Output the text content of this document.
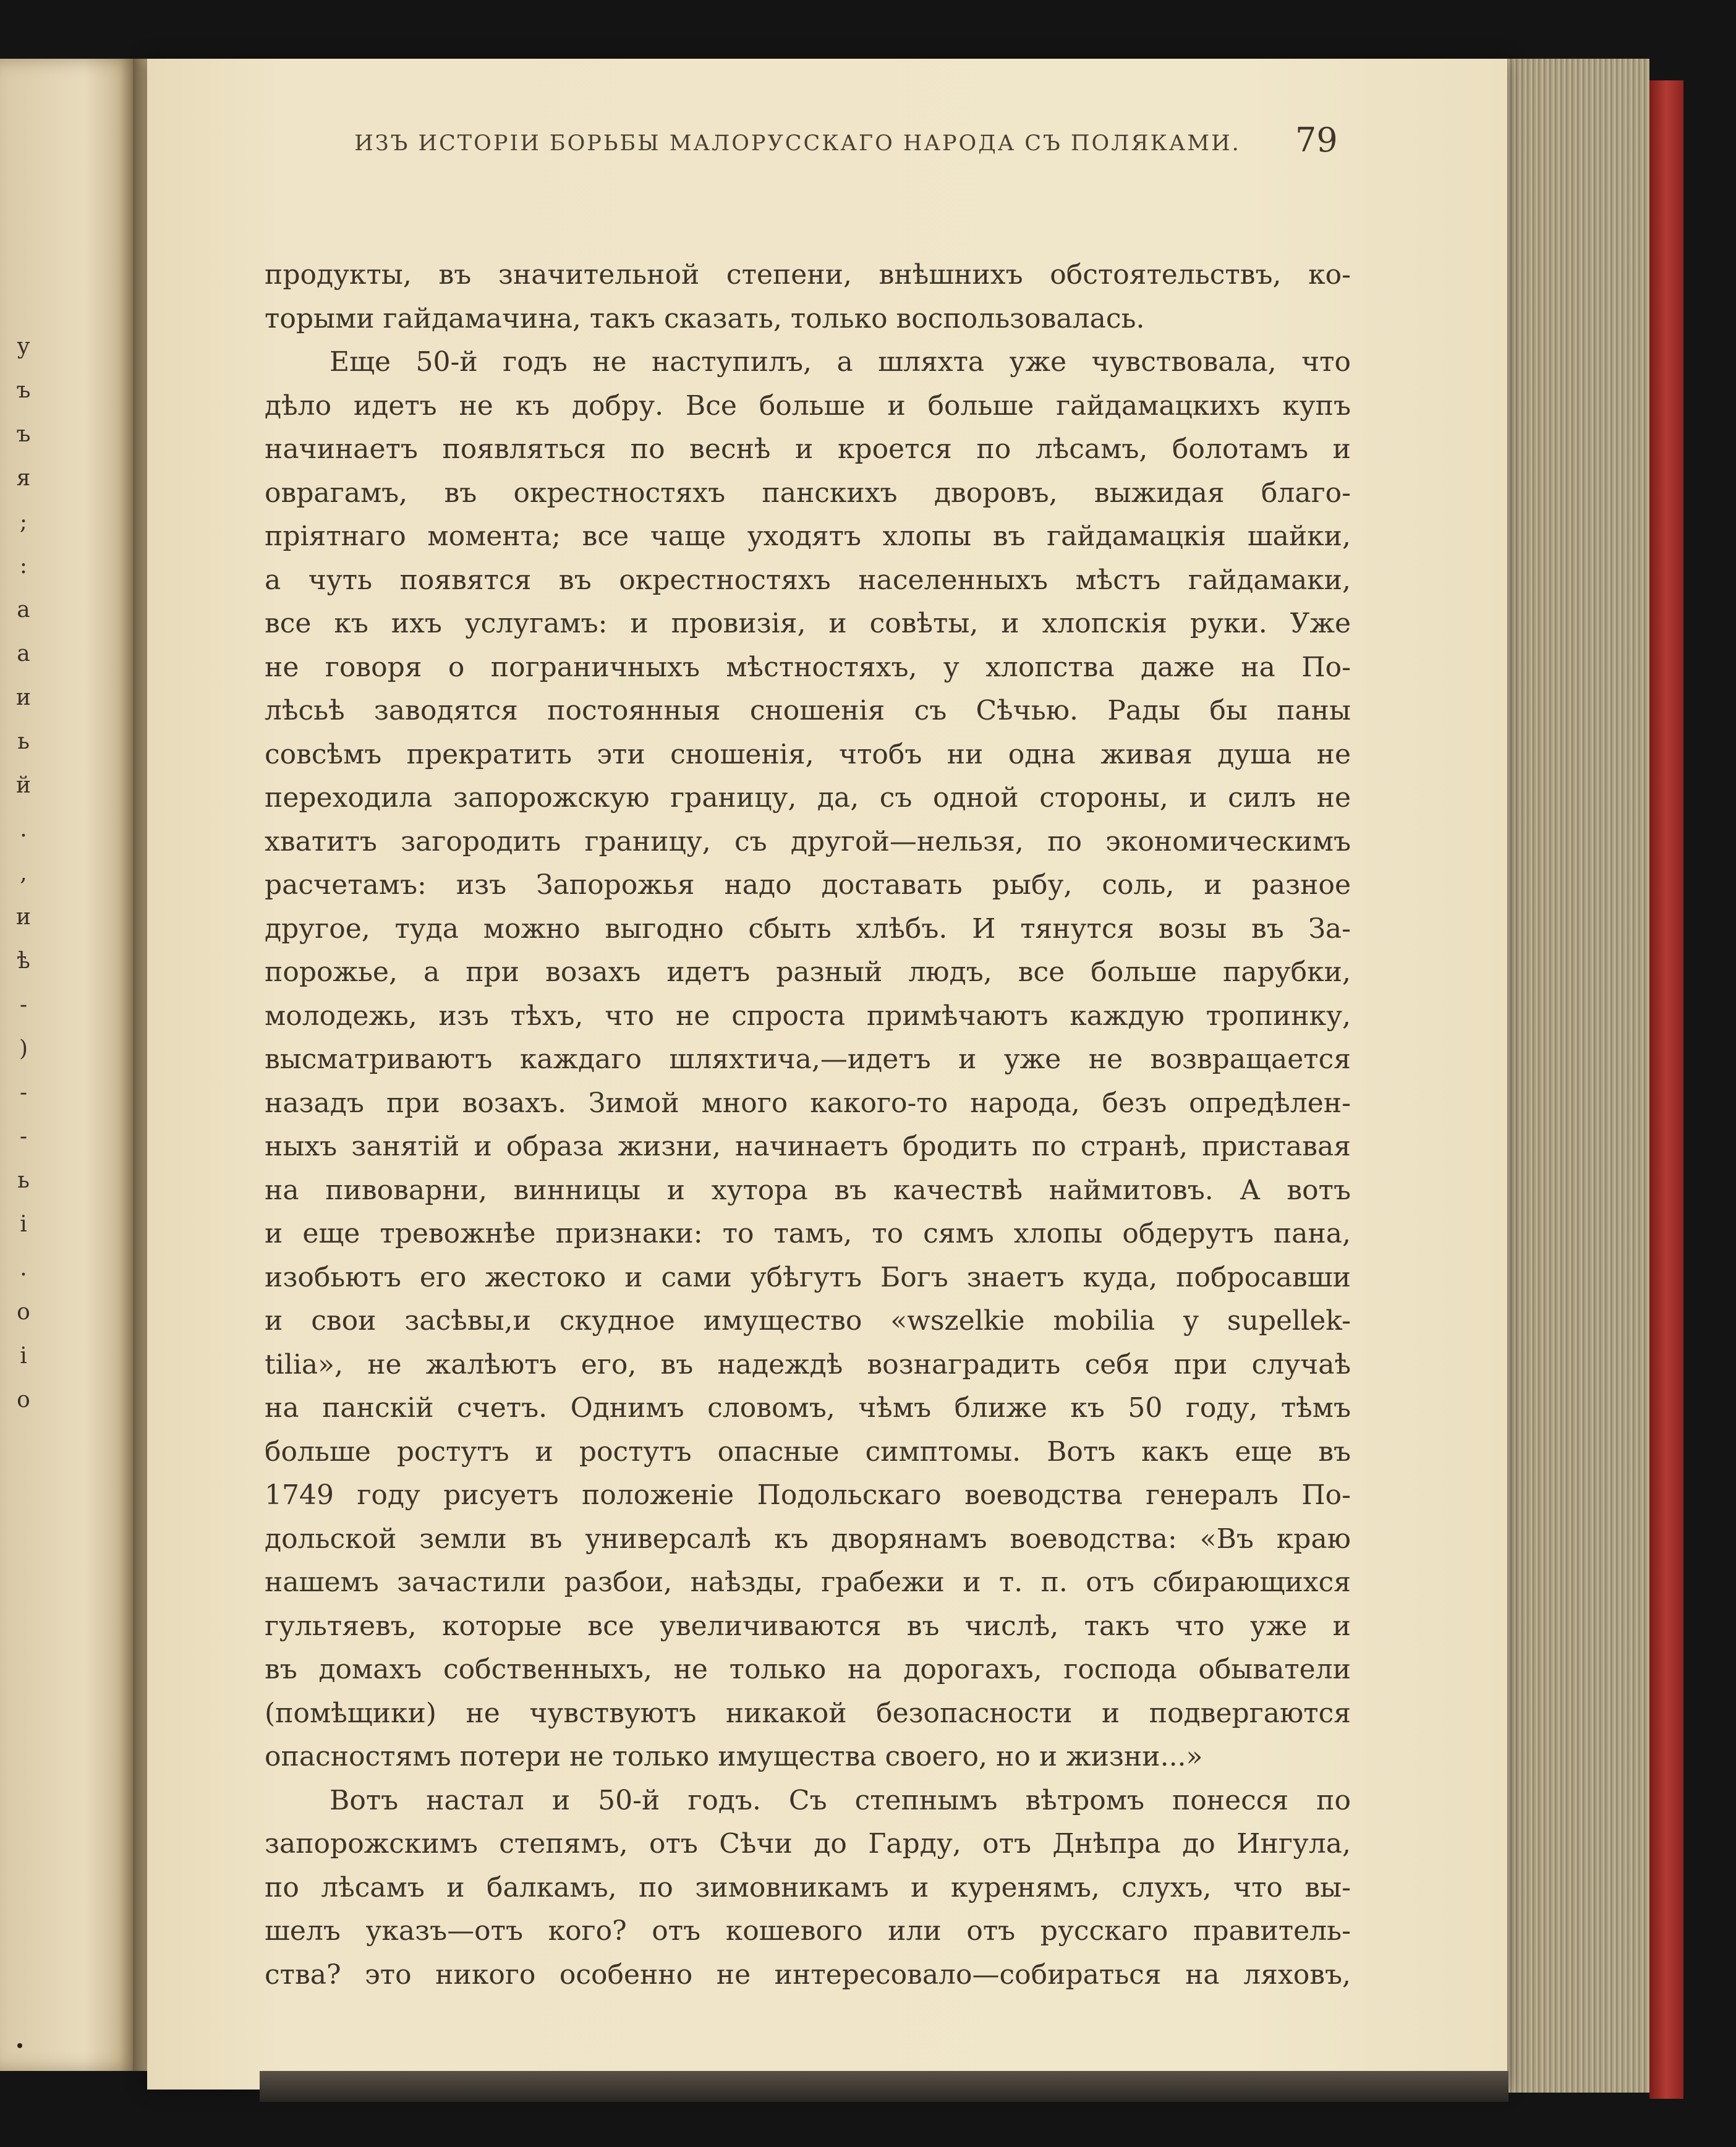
у
ъ
ъ
я
;
:
а
а
и
ь
й
.
,
и
ѣ
-
)
-
-
ь
і
.
о
і
о
ИЗЪ ИСТОРІИ БОРЬБЫ МАЛОРУССКАГО НАРОДА СЪ ПОЛЯКАМИ.	79
продукты, въ значительной степени, внѣшнихъ обстоятельствъ, ко-
торыми гайдамачина, такъ сказать, только воспользовалась.
Еще 50-й годъ не наступилъ, а шляхта уже чувствовала, что
дѣло идетъ не къ добру. Все больше и больше гайдамацкихъ купъ
начинаетъ появляться по веснѣ и кроется по лѣсамъ, болотамъ и
оврагамъ, въ окрестностяхъ панскихъ дворовъ, выжидая благо-
пріятнаго момента; все чаще уходятъ хлопы въ гайдамацкія шайки,
а чуть появятся въ окрестностяхъ населенныхъ мѣстъ гайдамаки,
все къ ихъ услугамъ: и провизія, и совѣты, и хлопскія руки. Уже
не говоря о пограничныхъ мѣстностяхъ, у хлопства даже на По-
лѣсьѣ заводятся постоянныя сношенія съ Сѣчью. Рады бы паны
совсѣмъ прекратить эти сношенія, чтобъ ни одна живая душа не
переходила запорожскую границу, да, съ одной стороны, и силъ не
хватитъ загородить границу, съ другой—нельзя, по экономическимъ
расчетамъ: изъ Запорожья надо доставать рыбу, соль, и разное
другое, туда можно выгодно сбыть хлѣбъ. И тянутся возы въ За-
порожье, а при возахъ идетъ разный людъ, все больше парубки,
молодежь, изъ тѣхъ, что не спроста примѣчаютъ каждую тропинку,
высматриваютъ каждаго шляхтича,—идетъ и уже не возвращается
назадъ при возахъ. Зимой много какого-то народа, безъ опредѣлен-
ныхъ занятій и образа жизни, начинаетъ бродить по странѣ, приставая
на пивоварни, винницы и хутора въ качествѣ наймитовъ. А вотъ
и еще тревожнѣе признаки: то тамъ, то сямъ хлопы обдерутъ пана,
изобьютъ его жестоко и сами убѣгутъ Богъ знаетъ куда, побросавши
и свои засѣвы,и скудное имущество «wszelkie mobilia y supellek-
tilia», не жалѣютъ его, въ надеждѣ вознаградить себя при случаѣ
на панскій счетъ. Однимъ словомъ, чѣмъ ближе къ 50 году, тѣмъ
больше ростутъ и ростутъ опасные симптомы. Вотъ какъ еще въ
1749 году рисуетъ положеніе Подольскаго воеводства генералъ По-
дольской земли въ универсалѣ къ дворянамъ воеводства: «Въ краю
нашемъ зачастили разбои, наѣзды, грабежи и т. п. отъ сбирающихся
гультяевъ, которые все увеличиваются въ числѣ, такъ что уже и
въ домахъ собственныхъ, не только на дорогахъ, господа обыватели
(помѣщики) не чувствуютъ никакой безопасности и подвергаются
опасностямъ потери не только имущества своего, но и жизни...»
Вотъ настал и 50-й годъ. Съ степнымъ вѣтромъ понесся по
запорожскимъ степямъ, отъ Сѣчи до Гарду, отъ Днѣпра до Ингула,
по лѣсамъ и балкамъ, по зимовникамъ и куренямъ, слухъ, что вы-
шелъ указъ—отъ кого? отъ кошевого или отъ русскаго правитель-
ства? это никого особенно не интересовало—собираться на ляховъ,
